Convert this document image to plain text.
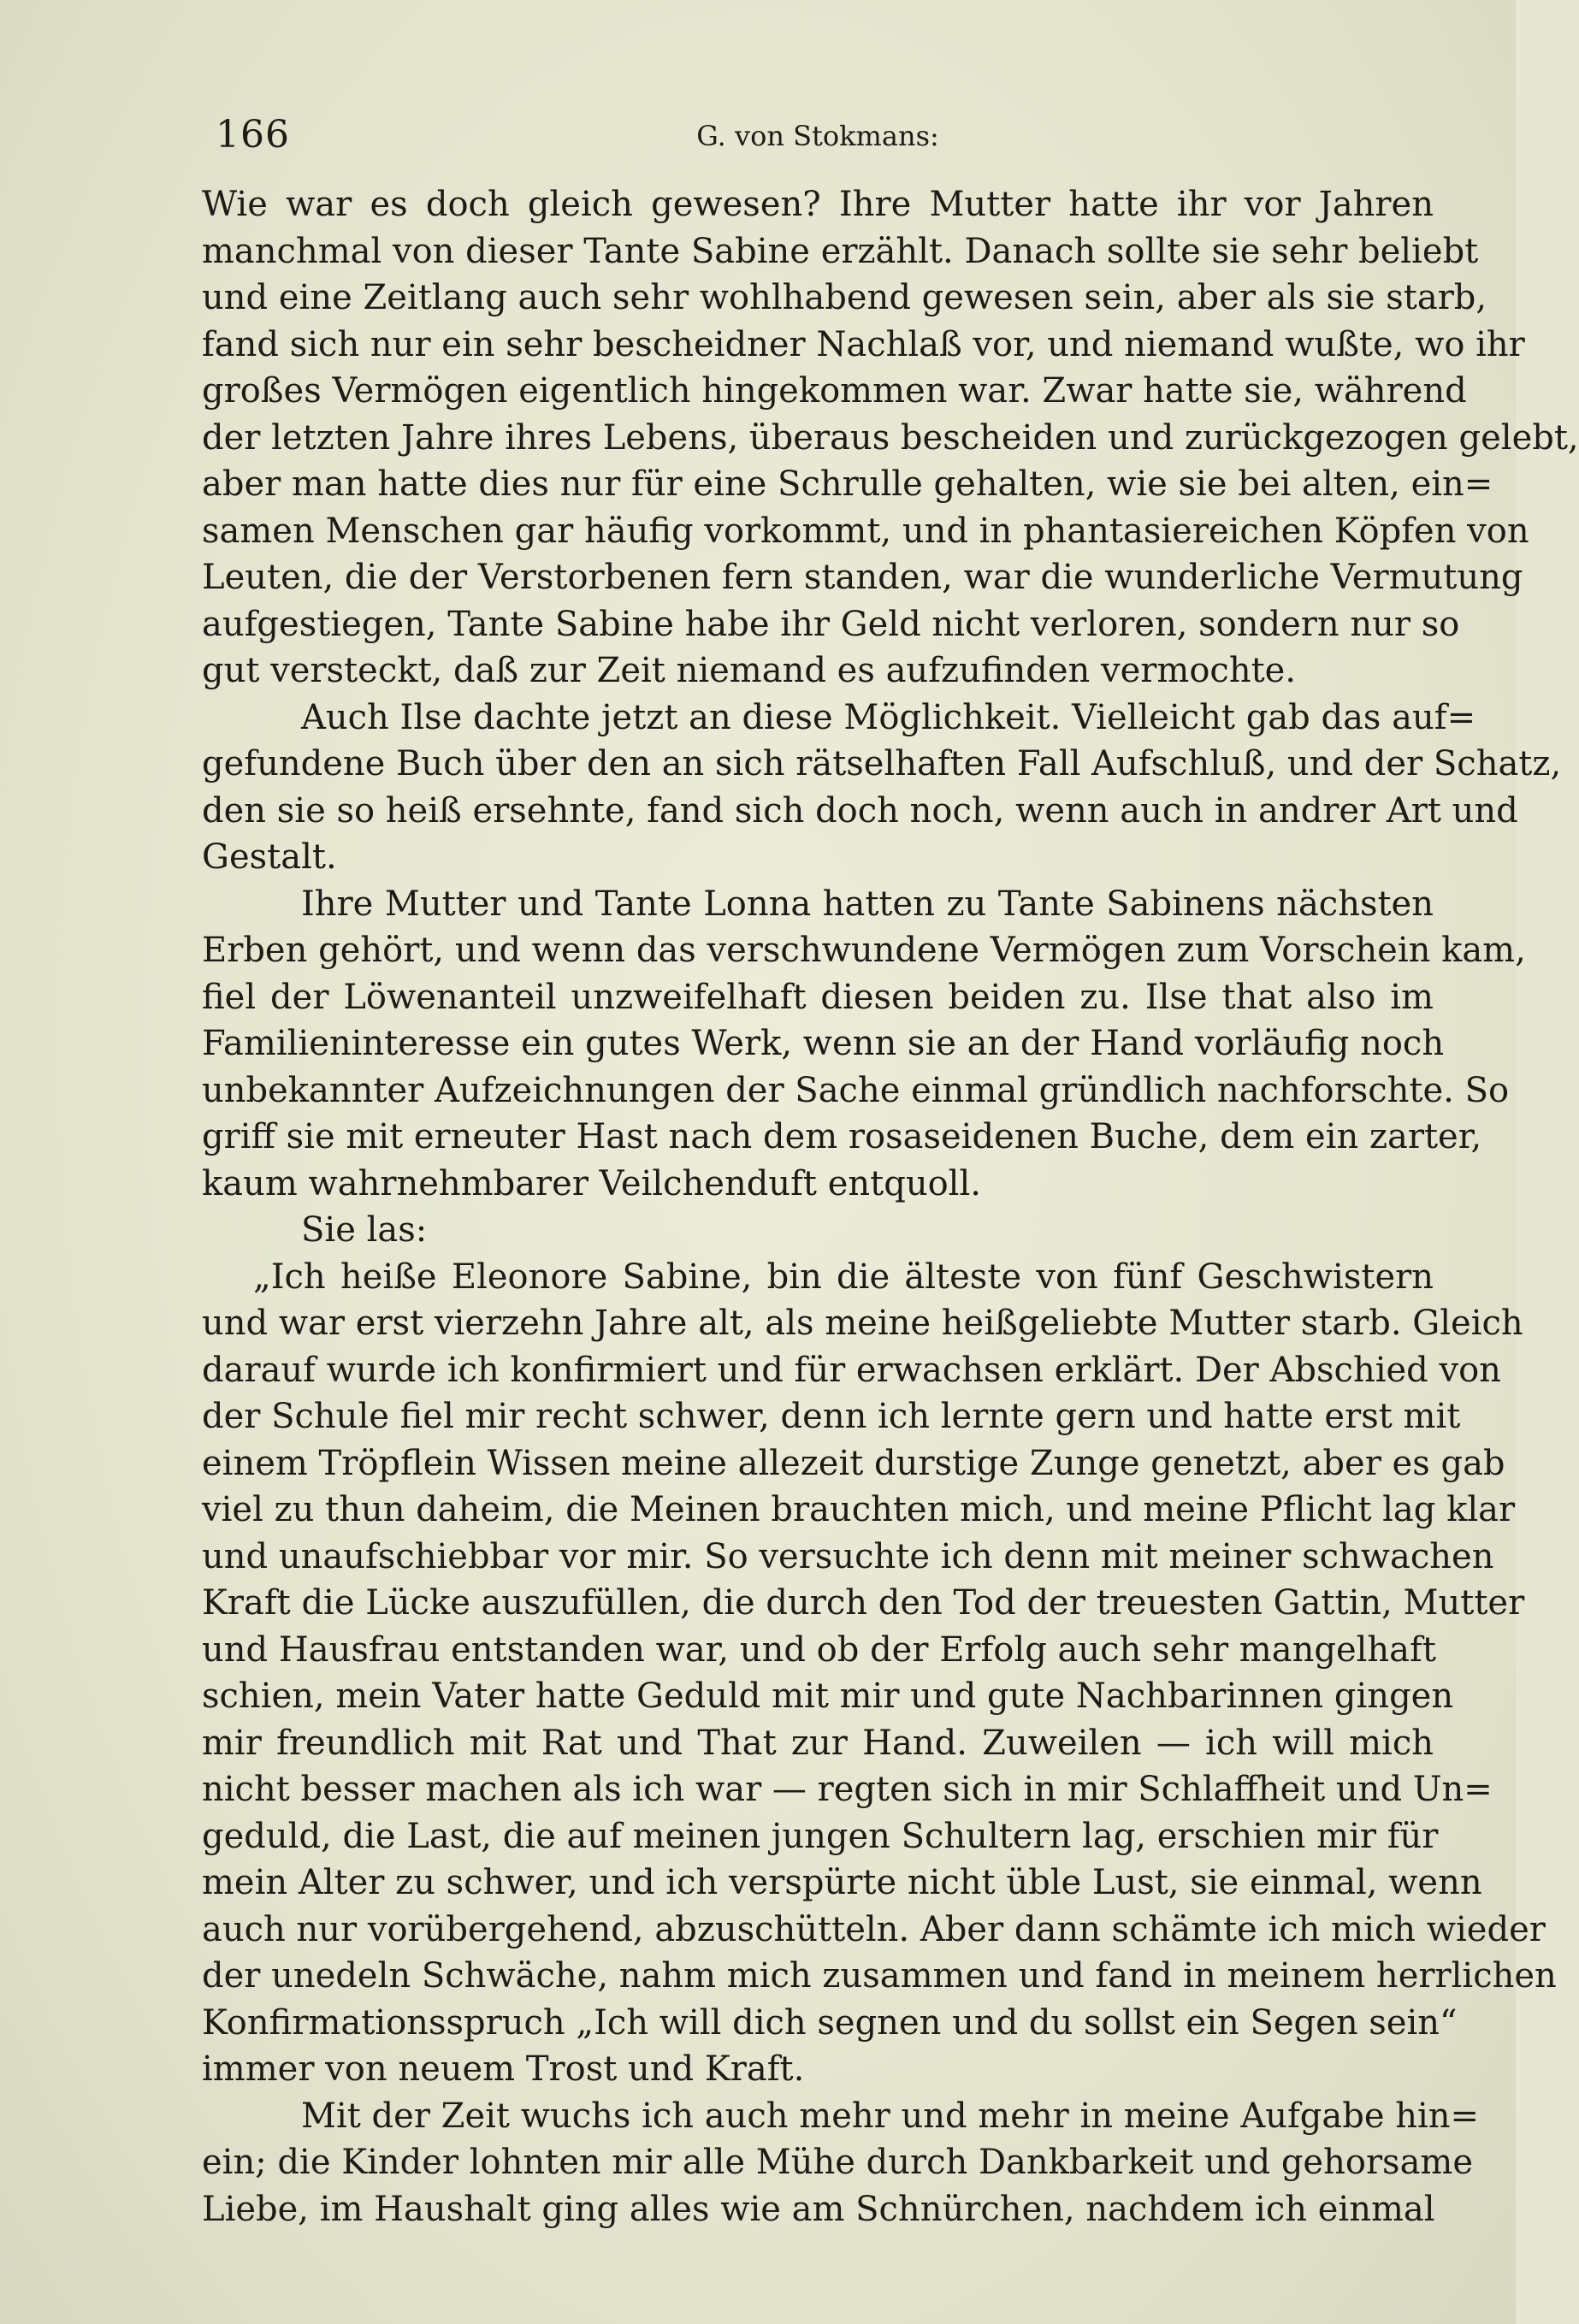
166	G. von Stokmans:
Wie war es doch gleich gewesen? Ihre Mutter hatte ihr vor Jahren
manchmal von dieser Tante Sabine erzählt. Danach sollte sie sehr beliebt
und eine Zeitlang auch sehr wohlhabend gewesen sein, aber als sie starb,
fand sich nur ein sehr bescheidner Nachlaß vor, und niemand wußte, wo ihr
großes Vermögen eigentlich hingekommen war. Zwar hatte sie, während
der letzten Jahre ihres Lebens, überaus bescheiden und zurückgezogen gelebt,
aber man hatte dies nur für eine Schrulle gehalten, wie sie bei alten, ein=
samen Menschen gar häufig vorkommt, und in phantasiereichen Köpfen von
Leuten, die der Verstorbenen fern standen, war die wunderliche Vermutung
aufgestiegen, Tante Sabine habe ihr Geld nicht verloren, sondern nur so
gut versteckt, daß zur Zeit niemand es aufzufinden vermochte.
Auch Ilse dachte jetzt an diese Möglichkeit. Vielleicht gab das auf=
gefundene Buch über den an sich rätselhaften Fall Aufschluß, und der Schatz,
den sie so heiß ersehnte, fand sich doch noch, wenn auch in andrer Art und
Gestalt.
Ihre Mutter und Tante Lonna hatten zu Tante Sabinens nächsten
Erben gehört, und wenn das verschwundene Vermögen zum Vorschein kam,
fiel der Löwenanteil unzweifelhaft diesen beiden zu. Ilse that also im
Familieninteresse ein gutes Werk, wenn sie an der Hand vorläufig noch
unbekannter Aufzeichnungen der Sache einmal gründlich nachforschte. So
griff sie mit erneuter Hast nach dem rosaseidenen Buche, dem ein zarter,
kaum wahrnehmbarer Veilchenduft entquoll.
Sie las:
„Ich heiße Eleonore Sabine, bin die älteste von fünf Geschwistern
und war erst vierzehn Jahre alt, als meine heißgeliebte Mutter starb. Gleich
darauf wurde ich konfirmiert und für erwachsen erklärt. Der Abschied von
der Schule fiel mir recht schwer, denn ich lernte gern und hatte erst mit
einem Tröpflein Wissen meine allezeit durstige Zunge genetzt, aber es gab
viel zu thun daheim, die Meinen brauchten mich, und meine Pflicht lag klar
und unaufschiebbar vor mir. So versuchte ich denn mit meiner schwachen
Kraft die Lücke auszufüllen, die durch den Tod der treuesten Gattin, Mutter
und Hausfrau entstanden war, und ob der Erfolg auch sehr mangelhaft
schien, mein Vater hatte Geduld mit mir und gute Nachbarinnen gingen
mir freundlich mit Rat und That zur Hand. Zuweilen — ich will mich
nicht besser machen als ich war — regten sich in mir Schlaffheit und Un=
geduld, die Last, die auf meinen jungen Schultern lag, erschien mir für
mein Alter zu schwer, und ich verspürte nicht üble Lust, sie einmal, wenn
auch nur vorübergehend, abzuschütteln. Aber dann schämte ich mich wieder
der unedeln Schwäche, nahm mich zusammen und fand in meinem herrlichen
Konfirmationsspruch „Ich will dich segnen und du sollst ein Segen sein“
immer von neuem Trost und Kraft.
Mit der Zeit wuchs ich auch mehr und mehr in meine Aufgabe hin=
ein; die Kinder lohnten mir alle Mühe durch Dankbarkeit und gehorsame
Liebe, im Haushalt ging alles wie am Schnürchen, nachdem ich einmal
